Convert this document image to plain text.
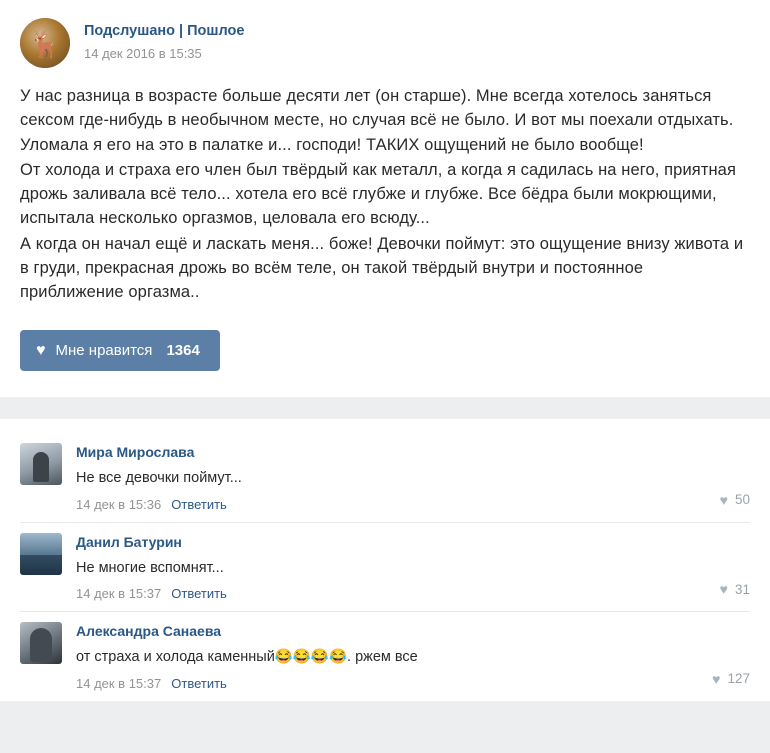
🦌 Подслушано | Пошлое
14 дек 2016 в 15:35

У нас разница в возрасте больше десяти лет (он старше). Мне всегда хотелось заняться сексом где-нибудь в необычном месте, но случая всё не было. И вот мы поехали отдыхать. Уломала я его на это в палатке и... господи! ТАКИХ ощущений не было вообще!

От холода и страха его член был твёрдый как металл, а когда я садилась на него, приятная дрожь заливала всё тело... хотела его всё глубже и глубже. Все бёдра были мокрющими, испытала несколько оргазмов, целовала его всюду...

А когда он начал ещё и ласкать меня... боже! Девочки поймут: это ощущение внизу живота и в груди, прекрасная дрожь во всём теле, он такой твёрдый внутри и постоянное приближение оргазма..

♥ Мне нравится 1364
Мира Мирослава
Не все девочки поймут...
14 дек в 15:36 Ответить	♥ 50
Данил Батурин
Не многие вспомнят...
14 дек в 15:37 Ответить	♥ 31
Александра Санаева
от страха и холода каменный😂😂😂😂. ржем все
14 дек в 15:37 Ответить	♥ 127
